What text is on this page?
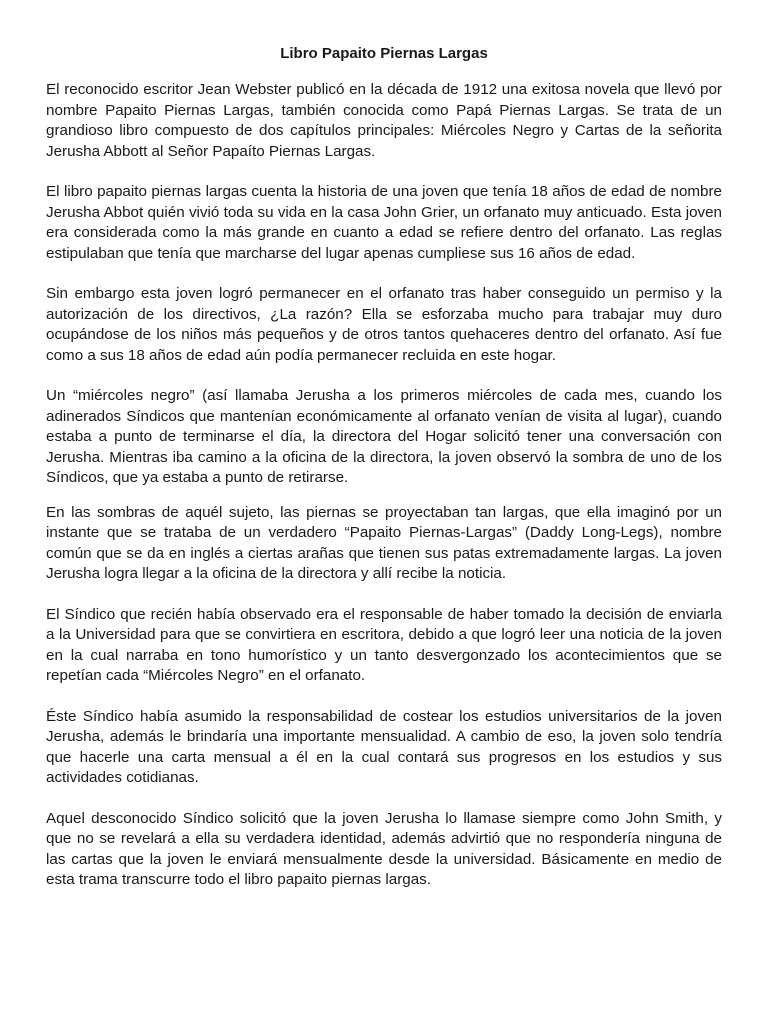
Libro Papaito Piernas Largas

El reconocido escritor Jean Webster publicó en la década de 1912 una exitosa novela que llevó por nombre Papaito Piernas Largas, también conocida como Papá Piernas Largas. Se trata de un grandioso libro compuesto de dos capítulos principales: Miércoles Negro y Cartas de la señorita Jerusha Abbott al Señor Papaíto Piernas Largas.

El libro papaito piernas largas cuenta la historia de una joven que tenía 18 años de edad de nombre Jerusha Abbot quién vivió toda su vida en la casa John Grier, un orfanato muy anticuado. Esta joven era considerada como la más grande en cuanto a edad se refiere dentro del orfanato. Las reglas estipulaban que tenía que marcharse del lugar apenas cumpliese sus 16 años de edad.

Sin embargo esta joven logró permanecer en el orfanato tras haber conseguido un permiso y la autorización de los directivos, ¿La razón? Ella se esforzaba mucho para trabajar muy duro ocupándose de los niños más pequeños y de otros tantos quehaceres dentro del orfanato. Así fue como a sus 18 años de edad aún podía permanecer recluida en este hogar.

Un “miércoles negro” (así llamaba Jerusha a los primeros miércoles de cada mes, cuando los adinerados Síndicos que mantenían económicamente al orfanato venían de visita al lugar), cuando estaba a punto de terminarse el día, la directora del Hogar solicitó tener una conversación con Jerusha. Mientras iba camino a la oficina de la directora, la joven observó la sombra de uno de los Síndicos, que ya estaba a punto de retirarse.

En las sombras de aquél sujeto, las piernas se proyectaban tan largas, que ella imaginó por un instante que se trataba de un verdadero “Papaito Piernas-Largas” (Daddy Long-Legs), nombre común que se da en inglés a ciertas arañas que tienen sus patas extremadamente largas. La joven Jerusha logra llegar a la oficina de la directora y allí recibe la noticia.

El Síndico que recién había observado era el responsable de haber tomado la decisión de enviarla a la Universidad para que se convirtiera en escritora, debido a que logró leer una noticia de la joven en la cual narraba en tono humorístico y un tanto desvergonzado los acontecimientos que se repetían cada “Miércoles Negro” en el orfanato.

Éste Síndico había asumido la responsabilidad de costear los estudios universitarios de la joven Jerusha, además le brindaría una importante mensualidad. A cambio de eso, la joven solo tendría que hacerle una carta mensual a él en la cual contará sus progresos en los estudios y sus actividades cotidianas.

Aquel desconocido Síndico solicitó que la joven Jerusha lo llamase siempre como John Smith, y que no se revelará a ella su verdadera identidad, además advirtió que no respondería ninguna de las cartas que la joven le enviará mensualmente desde la universidad. Básicamente en medio de esta trama transcurre todo el libro papaito piernas largas.
